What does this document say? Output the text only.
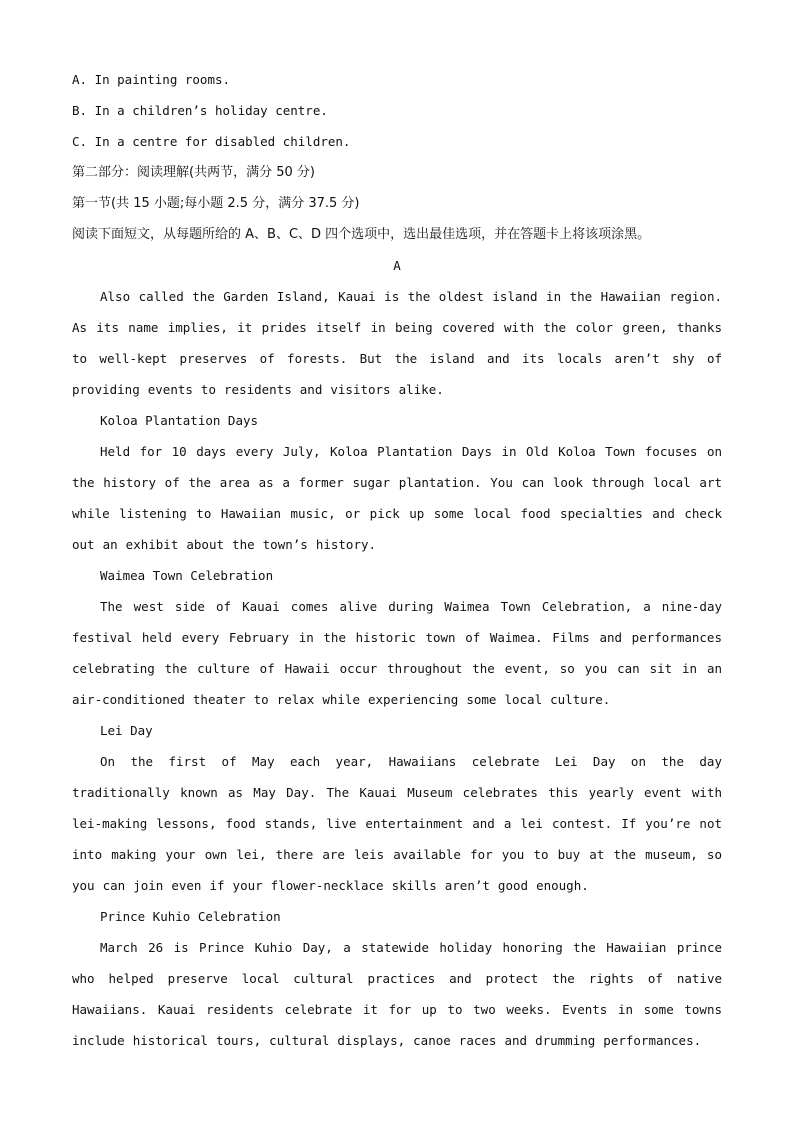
A. In painting rooms.

B. In a children’s holiday centre.

C. In a centre for disabled children.

第二部分：阅读理解(共两节，满分 50 分)

第一节(共 15 小题;每小题 2.5 分，满分 37.5 分)

阅读下面短文，从每题所给的 A、B、C、D 四个选项中，选出最佳选项，并在答题卡上将该项涂黑。

A

Also called the Garden Island, Kauai is the oldest island in the Hawaiian region. As its name implies, it prides itself in being covered with the color green, thanks to well-kept preserves of forests. But the island and its locals aren’t shy of providing events to residents and visitors alike.

Koloa Plantation Days

Held for 10 days every July, Koloa Plantation Days in Old Koloa Town focuses on the history of the area as a former sugar plantation. You can look through local art while listening to Hawaiian music, or pick up some local food specialties and check out an exhibit about the town’s history.

Waimea Town Celebration

The west side of Kauai comes alive during Waimea Town Celebration, a nine-day festival held every February in the historic town of Waimea. Films and performances celebrating the culture of Hawaii occur throughout the event, so you can sit in an air-conditioned theater to relax while experiencing some local culture.

Lei Day

On the first of May each year, Hawaiians celebrate Lei Day on the day traditionally known as May Day. The Kauai Museum celebrates this yearly event with lei-making lessons, food stands, live entertainment and a lei contest. If you’re not into making your own lei, there are leis available for you to buy at the museum, so you can join even if your flower-necklace skills aren’t good enough.

Prince Kuhio Celebration

March 26 is Prince Kuhio Day, a statewide holiday honoring the Hawaiian prince who helped preserve local cultural practices and protect the rights of native Hawaiians. Kauai residents celebrate it for up to two weeks. Events in some towns include historical tours, cultural displays, canoe races and drumming performances.
